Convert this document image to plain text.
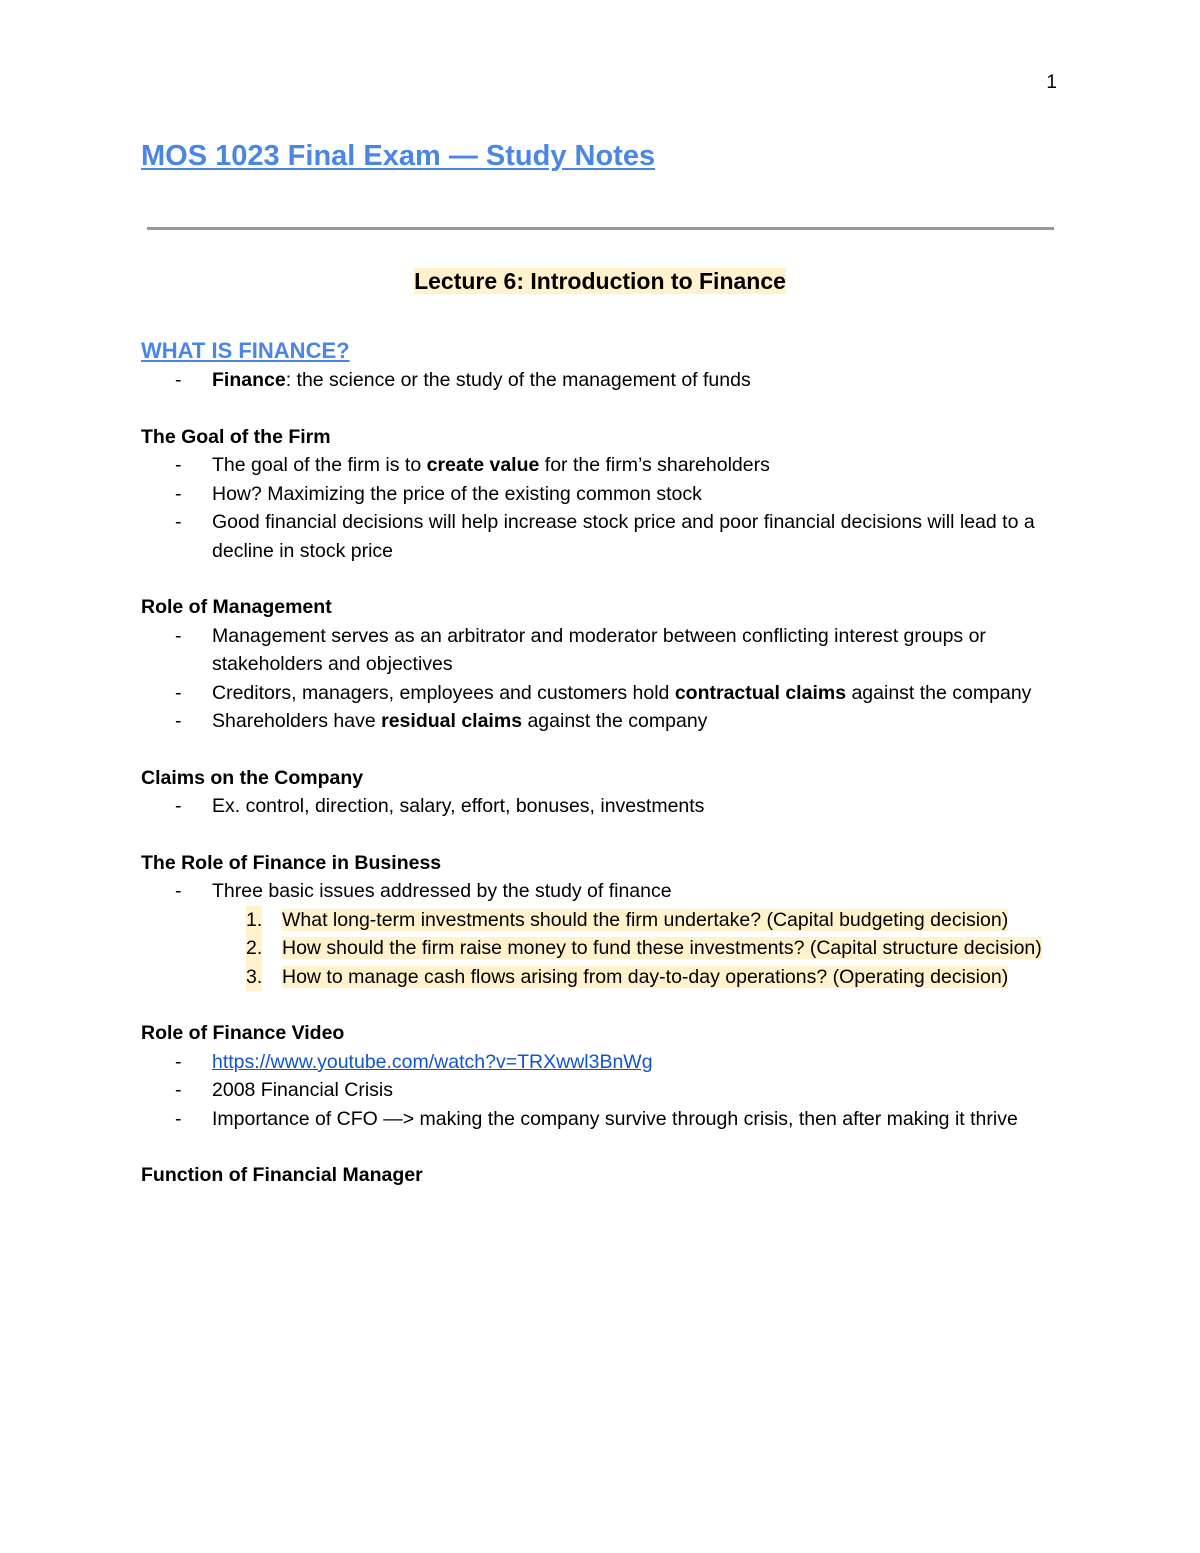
1
MOS 1023 Final Exam — Study Notes
Lecture 6: Introduction to Finance
WHAT IS FINANCE?
- Finance: the science or the study of the management of funds
The Goal of the Firm
- The goal of the firm is to create value for the firm’s shareholders
- How? Maximizing the price of the existing common stock
- Good financial decisions will help increase stock price and poor financial decisions will lead to a decline in stock price
Role of Management
- Management serves as an arbitrator and moderator between conflicting interest groups or stakeholders and objectives
- Creditors, managers, employees and customers hold contractual claims against the company
- Shareholders have residual claims against the company
Claims on the Company
- Ex. control, direction, salary, effort, bonuses, investments
The Role of Finance in Business
- Three basic issues addressed by the study of finance
1. What long-term investments should the firm undertake? (Capital budgeting decision)
2. How should the firm raise money to fund these investments? (Capital structure decision)
3. How to manage cash flows arising from day-to-day operations? (Operating decision)
Role of Finance Video
- https://www.youtube.com/watch?v=TRXwwl3BnWg
- 2008 Financial Crisis
- Importance of CFO —> making the company survive through crisis, then after making it thrive
Function of Financial Manager
